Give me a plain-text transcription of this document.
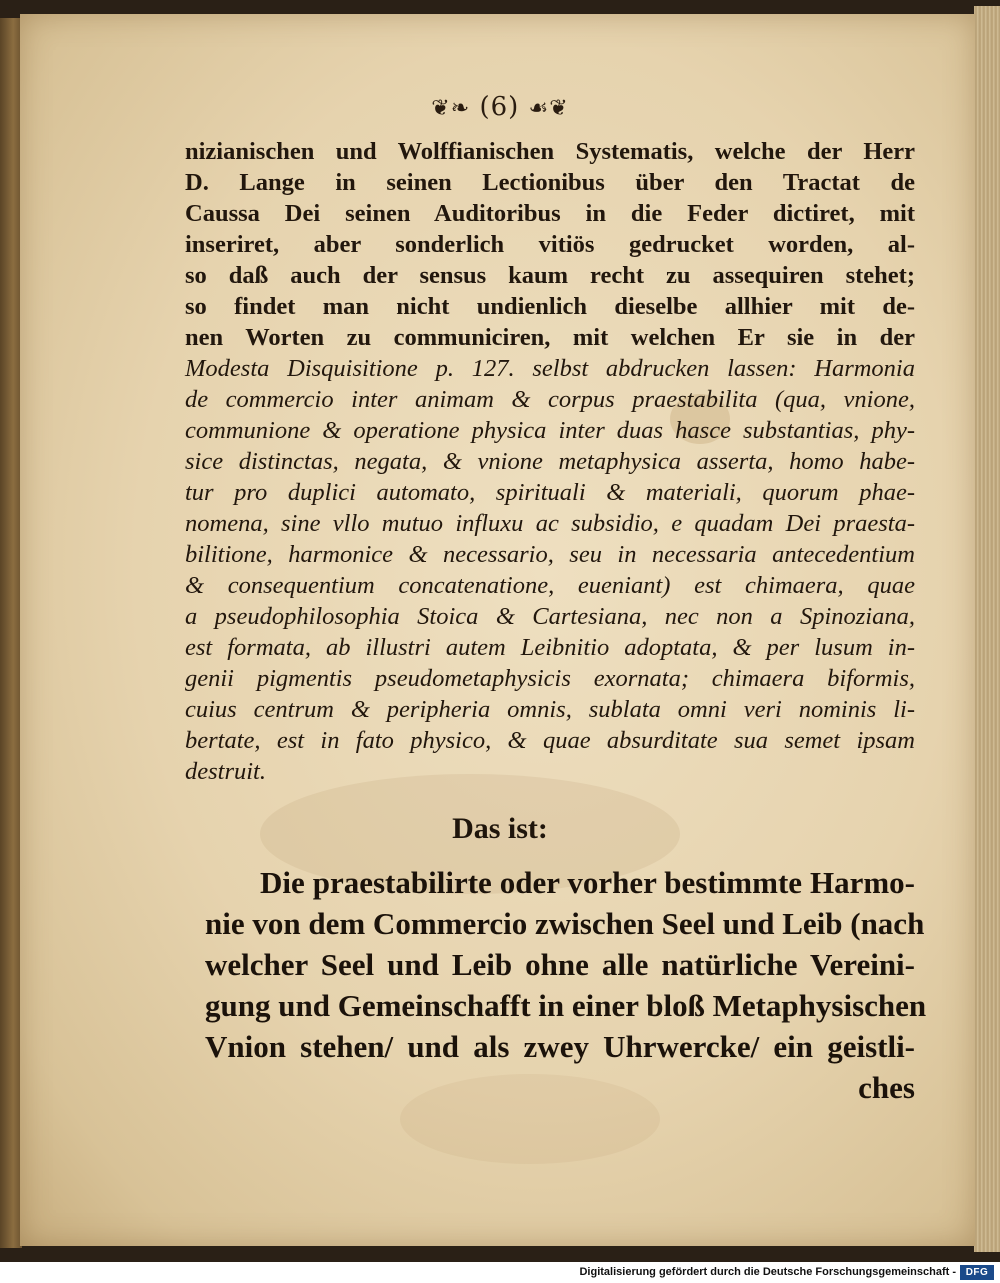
❦❧ (6) ☙❦
nizianischen und Wolffianischen Systematis, welche der Herr
D. Lange in seinen Lectionibus über den Tractat de
Caussa Dei seinen Auditoribus in die Feder dictiret, mit
inseriret, aber sonderlich vitiös gedrucket worden, al-
so daß auch der sensus kaum recht zu assequiren stehet;
so findet man nicht undienlich dieselbe allhier mit de-
nen Worten zu communiciren, mit welchen Er sie in der
Modesta Disquisitione p. 127. selbst abdrucken lassen: Harmonia
de commercio inter animam & corpus praestabilita (qua, vnione,
communione & operatione physica inter duas hasce substantias, phy-
sice distinctas, negata, & vnione metaphysica asserta, homo habe-
tur pro duplici automato, spirituali & materiali, quorum phae-
nomena, sine vllo mutuo influxu ac subsidio, e quadam Dei praesta-
bilitione, harmonice & necessario, seu in necessaria antecedentium
& consequentium concatenatione, eueniant) est chimaera, quae
a pseudophilosophia Stoica & Cartesiana, nec non a Spinoziana,
est formata, ab illustri autem Leibnitio adoptata, & per lusum in-
genii pigmentis pseudometaphysicis exornata; chimaera biformis,
cuius centrum & peripheria omnis, sublata omni veri nominis li-
bertate, est in fato physico, & quae absurditate sua semet ipsam
destruit.
Das ist:
Die praestabilirte oder vorher bestimmte Harmo-
nie von dem Commercio zwischen Seel und Leib (nach
welcher Seel und Leib ohne alle natürliche Vereini-
gung und Gemeinschafft in einer bloß Metaphysischen
Vnion stehen/ und als zwey Uhrwercke/ ein geistli-
ches
Digitalisierung gefördert durch die Deutsche Forschungsgemeinschaft - DFG
